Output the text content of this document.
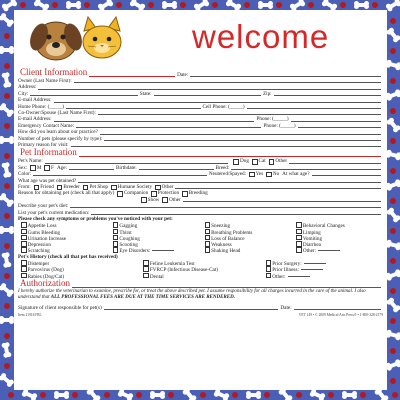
welcome
Client Information	Date:
Owner (Last Name First):
Address:
City:	State:	Zip:
E-mail Address:
Home Phone: (_____)	Cell Phone: (_____)
Co-Owner/Spouse (Last Name First):
E-mail Address:	Phone: (_____)
Emergency Contact Name:	Phone: (_____)
How did you learn about our practice?
Number of pets (please specify by type):
Primary reason for visit:
Pet Information
Pet's Name:	Dog Cat Other
Sex: M F Age:	Birthdate:	Breed:
Color:	Neutered/Spayed: Yes No At what age?
What age was pet obtained?
From: Friend Breeder Pet Shop Humane Society Other
Reason for obtaining pet (check all that apply) Companion Protection Breeding
Show Other
Describe your pet's diet:
List your pet's current medication:
Please check any symptoms or problems you've noticed with your pet:
Appetite Loss	Gagging	Sneezing	Behavioral Changes
Gums Bleeding	Thirst	Breathing Problems	Limping
Urination Increase	Coughing	Loss of Balance	Vomiting
Depression	Scooting	Weakness	Diarrhea
Scratching	Eye Disorders:	Shaking Head	Other:
Pet's History (check all that pet has received)
Distemper	Feline Leukemia Test	Prior Surgery:
Parvovirus (Dog)	FVRCP (Infectious Disease-Cat)	Prior Illness:
Rabies (Dog/Cat)	Dental	Other:
Authorization
I hereby authorize the veterinarian to examine, prescribe for, or treat the above described pet. I assume responsibility for all charges incurred in the care of the animal. I also understand that ALL PROFESSIONAL FEES ARE DUE AT THE TIME SERVICES ARE RENDERED.
Signature of client responsible for pet(s)	Date:
Item 21916VBL	VET 149 • © 2009 Medical Arts Press® • 1-800-328-2179
